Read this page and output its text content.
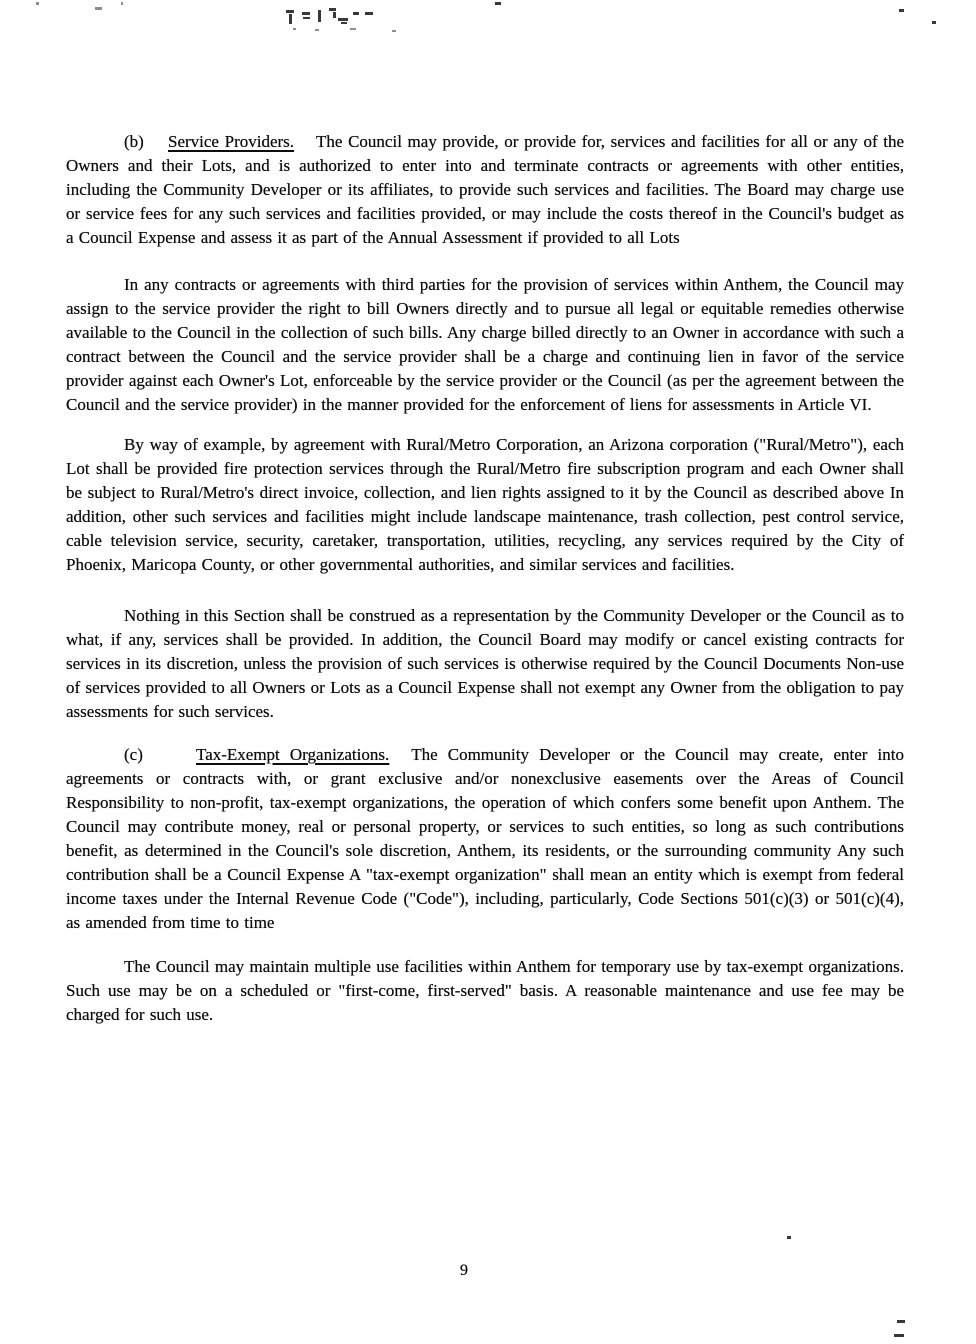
(b) Service Providers. The Council may provide, or provide for, services and facilities for all or any of the Owners and their Lots, and is authorized to enter into and terminate contracts or agreements with other entities, including the Community Developer or its affiliates, to provide such services and facilities. The Board may charge use or service fees for any such services and facilities provided, or may include the costs thereof in the Council's budget as a Council Expense and assess it as part of the Annual Assessment if provided to all Lots

In any contracts or agreements with third parties for the provision of services within Anthem, the Council may assign to the service provider the right to bill Owners directly and to pursue all legal or equitable remedies otherwise available to the Council in the collection of such bills. Any charge billed directly to an Owner in accordance with such a contract between the Council and the service provider shall be a charge and continuing lien in favor of the service provider against each Owner's Lot, enforceable by the service provider or the Council (as per the agreement between the Council and the service provider) in the manner provided for the enforcement of liens for assessments in Article VI.

By way of example, by agreement with Rural/Metro Corporation, an Arizona corporation ("Rural/Metro"), each Lot shall be provided fire protection services through the Rural/Metro fire subscription program and each Owner shall be subject to Rural/Metro's direct invoice, collection, and lien rights assigned to it by the Council as described above In addition, other such services and facilities might include landscape maintenance, trash collection, pest control service, cable television service, security, caretaker, transportation, utilities, recycling, any services required by the City of Phoenix, Maricopa County, or other governmental authorities, and similar services and facilities.

Nothing in this Section shall be construed as a representation by the Community Developer or the Council as to what, if any, services shall be provided. In addition, the Council Board may modify or cancel existing contracts for services in its discretion, unless the provision of such services is otherwise required by the Council Documents Non-use of services provided to all Owners or Lots as a Council Expense shall not exempt any Owner from the obligation to pay assessments for such services.

(c)	Tax-Exempt Organizations. The Community Developer or the Council may create, enter into agreements or contracts with, or grant exclusive and/or nonexclusive easements over the Areas of Council Responsibility to non-profit, tax-exempt organizations, the operation of which confers some benefit upon Anthem. The Council may contribute money, real or personal property, or services to such entities, so long as such contributions benefit, as determined in the Council's sole discretion, Anthem, its residents, or the surrounding community Any such contribution shall be a Council Expense A "tax-exempt organization" shall mean an entity which is exempt from federal income taxes under the Internal Revenue Code ("Code"), including, particularly, Code Sections 501(c)(3) or 501(c)(4), as amended from time to time

The Council may maintain multiple use facilities within Anthem for temporary use by tax-exempt organizations. Such use may be on a scheduled or "first-come, first-served" basis. A reasonable maintenance and use fee may be charged for such use.

9
